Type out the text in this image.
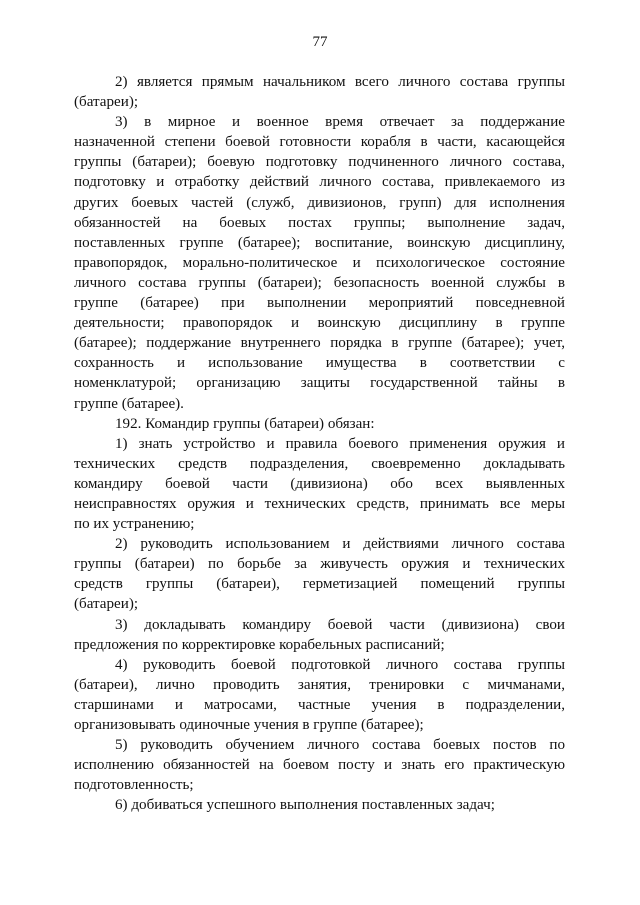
77
2) является прямым начальником всего личного состава группы
(батареи);
3) в мирное и военное время отвечает за поддержание
назначенной степени боевой готовности корабля в части, касающейся
группы (батареи); боевую подготовку подчиненного личного состава,
подготовку и отработку действий личного состава, привлекаемого из
других боевых частей (служб, дивизионов, групп) для исполнения
обязанностей на боевых постах группы; выполнение задач,
поставленных группе (батарее); воспитание, воинскую дисциплину,
правопорядок, морально-политическое и психологическое состояние
личного состава группы (батареи); безопасность военной службы в
группе (батарее) при выполнении мероприятий повседневной
деятельности; правопорядок и воинскую дисциплину в группе
(батарее); поддержание внутреннего порядка в группе (батарее); учет,
сохранность и использование имущества в соответствии с
номенклатурой; организацию защиты государственной тайны в
группе (батарее).
192. Командир группы (батареи) обязан:
1) знать устройство и правила боевого применения оружия и
технических средств подразделения, своевременно докладывать
командиру боевой части (дивизиона) обо всех выявленных
неисправностях оружия и технических средств, принимать все меры
по их устранению;
2) руководить использованием и действиями личного состава
группы (батареи) по борьбе за живучесть оружия и технических
средств группы (батареи), герметизацией помещений группы
(батареи);
3) докладывать командиру боевой части (дивизиона) свои
предложения по корректировке корабельных расписаний;
4) руководить боевой подготовкой личного состава группы
(батареи), лично проводить занятия, тренировки с мичманами,
старшинами и матросами, частные учения в подразделении,
организовывать одиночные учения в группе (батарее);
5) руководить обучением личного состава боевых постов по
исполнению обязанностей на боевом посту и знать его практическую
подготовленность;
6) добиваться успешного выполнения поставленных задач;
